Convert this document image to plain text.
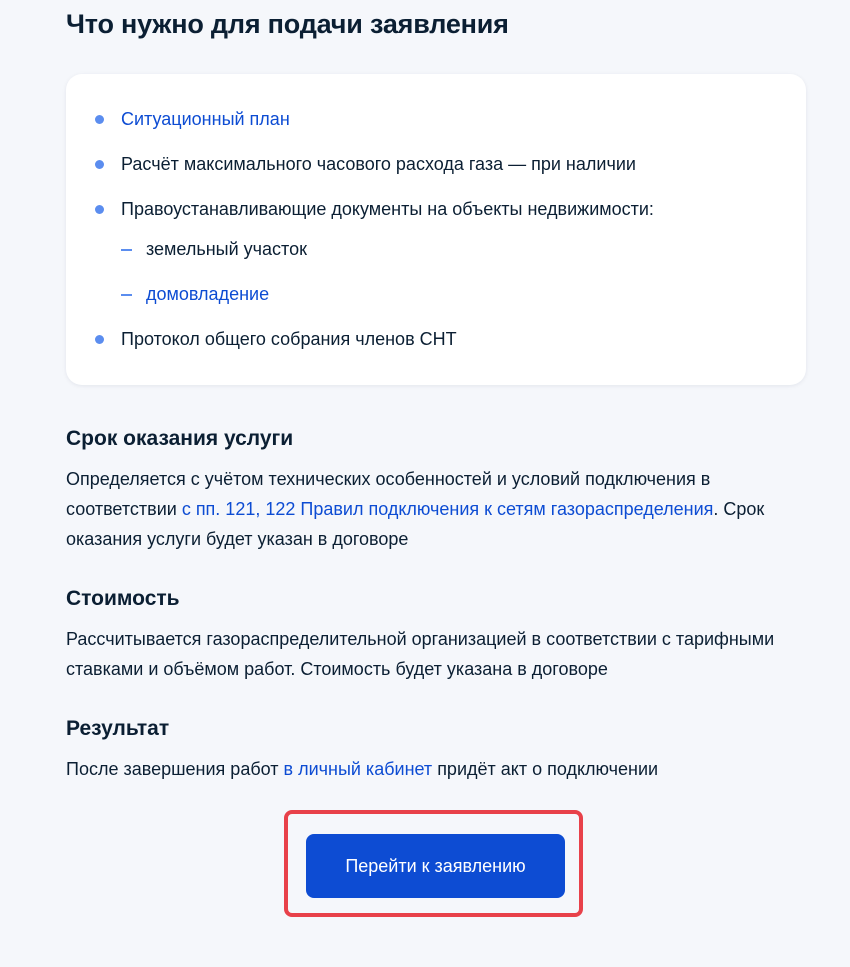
Что нужно для подачи заявления
Ситуационный план
Расчёт максимального часового расхода газа — при наличии
Правоустанавливающие документы на объекты недвижимости:
земельный участок
домовладение
Протокол общего собрания членов СНТ
Срок оказания услуги

Определяется с учётом технических особенностей и условий подключения в соответствии с пп. 121, 122 Правил подключения к сетям газораспределения. Срок оказания услуги будет указан в договоре

Стоимость

Рассчитывается газораспределительной организацией в соответствии с тарифными ставками и объёмом работ. Стоимость будет указана в договоре

Результат

После завершения работ в личный кабинет придёт акт о подключении

Перейти к заявлению
